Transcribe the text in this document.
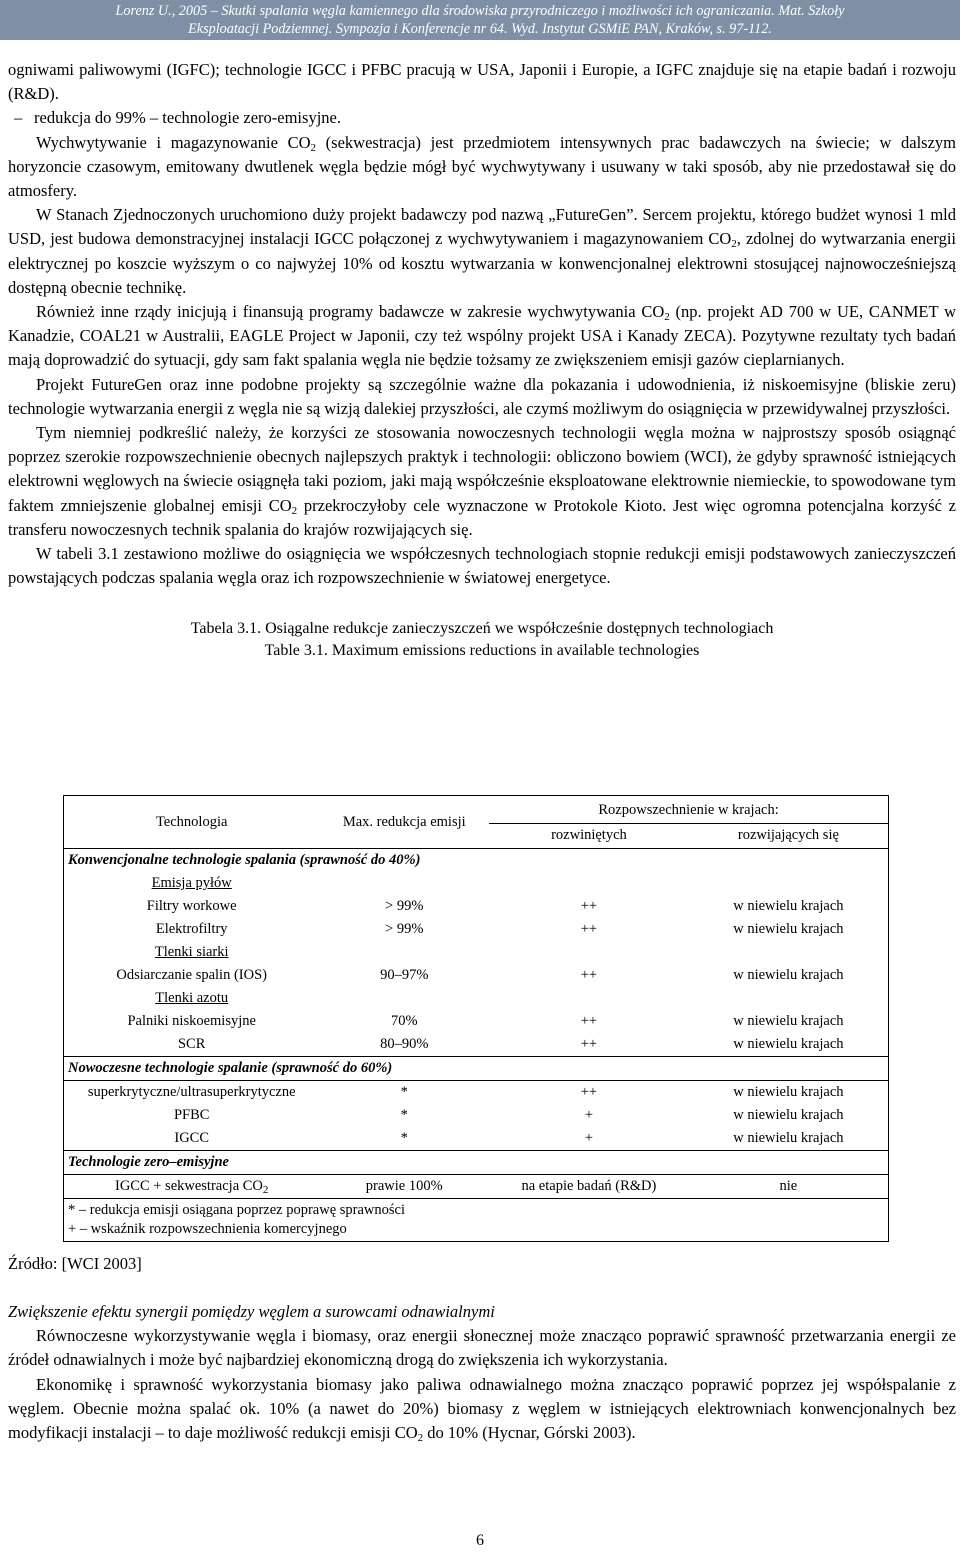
Lorenz U., 2005 – Skutki spalania węgla kamiennego dla środowiska przyrodniczego i możliwości ich ograniczania. Mat. Szkoły
Eksploatacji Podziemnej. Sympozja i Konferencje nr 64. Wyd. Instytut GSMiE PAN, Kraków, s. 97-112.

ogniwami paliwowymi (IGFC); technologie IGCC i PFBC pracują w USA, Japonii i Europie, a IGFC znajduje się na etapie badań i rozwoju (R&D).

– redukcja do 99% – technologie zero-emisyjne.

Wychwytywanie i magazynowanie $CO_2$ (sekwestracja) jest przedmiotem intensywnych prac badawczych na świecie; w dalszym horyzoncie czasowym, emitowany dwutlenek węgla będzie mógł być wychwytywany i usuwany w taki sposób, aby nie przedostawał się do atmosfery.

W Stanach Zjednoczonych uruchomiono duży projekt badawczy pod nazwą „FutureGen”. Sercem projektu, którego budżet wynosi 1 mld USD, jest budowa demonstracyjnej instalacji IGCC połączonej z wychwytywaniem i magazynowaniem $CO_2$, zdolnej do wytwarzania energii elektrycznej po koszcie wyższym o co najwyżej 10% od kosztu wytwarzania w konwencjonalnej elektrowni stosującej najnowocześniejszą dostępną obecnie technikę.

Również inne rządy inicjują i finansują programy badawcze w zakresie wychwytywania $CO_2$ (np. projekt AD 700 w UE, CANMET w Kanadzie, COAL21 w Australii, EAGLE Project w Japonii, czy też wspólny projekt USA i Kanady ZECA). Pozytywne rezultaty tych badań mają doprowadzić do sytuacji, gdy sam fakt spalania węgla nie będzie tożsamy ze zwiększeniem emisji gazów cieplarnianych.

Projekt FutureGen oraz inne podobne projekty są szczególnie ważne dla pokazania i udowodnienia, iż niskoemisyjne (bliskie zeru) technologie wytwarzania energii z węgla nie są wizją dalekiej przyszłości, ale czymś możliwym do osiągnięcia w przewidywalnej przyszłości.

Tym niemniej podkreślić należy, że korzyści ze stosowania nowoczesnych technologii węgla można w najprostszy sposób osiągnąć poprzez szerokie rozpowszechnienie obecnych najlepszych praktyk i technologii: obliczono bowiem (WCI), że gdyby sprawność istniejących elektrowni węglowych na świecie osiągnęła taki poziom, jaki mają współcześnie eksploatowane elektrownie niemieckie, to spowodowane tym faktem zmniejszenie globalnej emisji $CO_2$ przekroczyłoby cele wyznaczone w Protokole Kioto. Jest więc ogromna potencjalna korzyść z transferu nowoczesnych technik spalania do krajów rozwijających się.

W tabeli 3.1 zestawiono możliwe do osiągnięcia we współczesnych technologiach stopnie redukcji emisji podstawowych zanieczyszczeń powstających podczas spalania węgla oraz ich rozpowszechnienie w światowej energetyce.

Tabela 3.1. Osiągalne redukcje zanieczyszczeń we współcześnie dostępnych technologiach

Table 3.1. Maximum emissions reductions in available technologies

Technologia	Max. redukcja emisji	Rozpowszechnienie w krajach:	
		rozwiniętych	rozwijających się
Konwencjonalne technologie spalania (sprawność do 40%)			
Emisja pyłów			
Filtry workowe	> 99%	++	w niewielu krajach
Elektrofiltry	> 99%	++	w niewielu krajach
Tlenki siarki			
Odsiarczanie spalin (IOS)	90–97%	++	w niewielu krajach
Tlenki azotu			
Palniki niskoemisyjne	70%	++	w niewielu krajach
SCR	80–90%	++	w niewielu krajach
Nowoczesne technologie spalanie (sprawność do 60%)			
superkrytyczne/ultrasuperkrytyczne	*	++	w niewielu krajach
PFBC	*	+	w niewielu krajach
IGCC	*	+	w niewielu krajach
Technologie zero–emisyjne			
IGCC + sekwestracja $CO_2$	prawie 100%	na etapie badań (R&D)	nie

* – redukcja emisji osiągana poprzez poprawę sprawności
+ – wskaźnik rozpowszechnienia komercyjnego			
Źródło: [WCI 2003]

Zwiększenie efektu synergii pomiędzy węglem a surowcami odnawialnymi

Równoczesne wykorzystywanie węgla i biomasy, oraz energii słonecznej może znacząco poprawić sprawność przetwarzania energii ze źródeł odnawialnych i może być najbardziej ekonomiczną drogą do zwiększenia ich wykorzystania.

Ekonomikę i sprawność wykorzystania biomasy jako paliwa odnawialnego można znacząco poprawić poprzez jej współspalanie z węglem. Obecnie można spalać ok. 10% (a nawet do 20%) biomasy z węglem w istniejących elektrowniach konwencjonalnych bez modyfikacji instalacji – to daje możliwość redukcji emisji $CO_2$ do 10% (Hycnar, Górski 2003).

6
